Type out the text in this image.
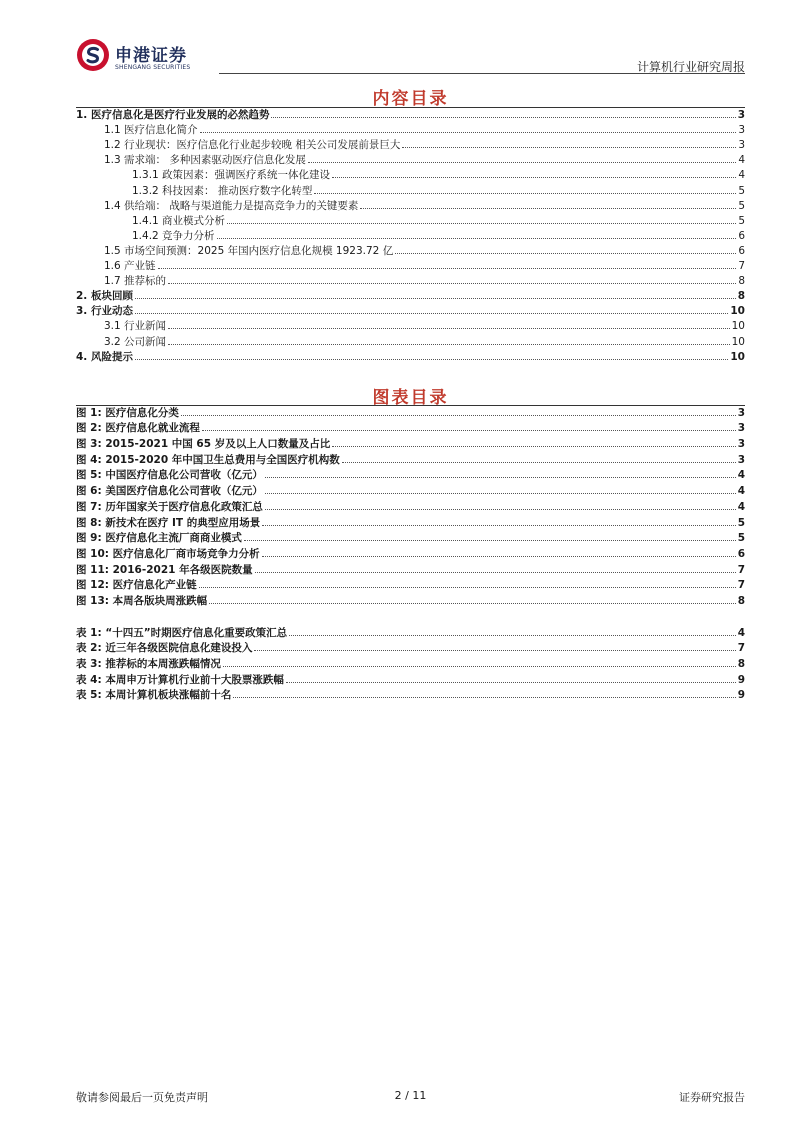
申港证券
SHENGANG SECURITIES	计算机行业研究周报
内容目录
1. 医疗信息化是医疗行业发展的必然趋势	3
1.1 医疗信息化简介	3
1.2 行业现状：医疗信息化行业起步较晚 相关公司发展前景巨大	3
1.3 需求端： 多种因素驱动医疗信息化发展	4
1.3.1 政策因素：强调医疗系统一体化建设	4
1.3.2 科技因素： 推动医疗数字化转型	5
1.4 供给端： 战略与渠道能力是提高竞争力的关键要素	5
1.4.1 商业模式分析	5
1.4.2 竞争力分析	6
1.5 市场空间预测：2025 年国内医疗信息化规模 1923.72 亿	6
1.6 产业链	7
1.7 推荐标的	8
2. 板块回顾	8
3. 行业动态	10
3.1 行业新闻	10
3.2 公司新闻	10
4. 风险提示	10
图表目录
图 1: 医疗信息化分类	3
图 2: 医疗信息化就业流程	3
图 3: 2015-2021 中国 65 岁及以上人口数量及占比	3
图 4: 2015-2020 年中国卫生总费用与全国医疗机构数	3
图 5: 中国医疗信息化公司营收（亿元）	4
图 6: 美国医疗信息化公司营收（亿元）	4
图 7: 历年国家关于医疗信息化政策汇总	4
图 8: 新技术在医疗 IT 的典型应用场景	5
图 9: 医疗信息化主流厂商商业模式	5
图 10: 医疗信息化厂商市场竞争力分析	6
图 11: 2016-2021 年各级医院数量	7
图 12: 医疗信息化产业链	7
图 13: 本周各版块周涨跌幅	8
表 1: “十四五”时期医疗信息化重要政策汇总	4
表 2: 近三年各级医院信息化建设投入	7
表 3: 推荐标的本周涨跌幅情况	8
表 4: 本周申万计算机行业前十大股票涨跌幅	9
表 5: 本周计算机板块涨幅前十名	9
敬请参阅最后一页免责声明	2 / 11	证券研究报告
